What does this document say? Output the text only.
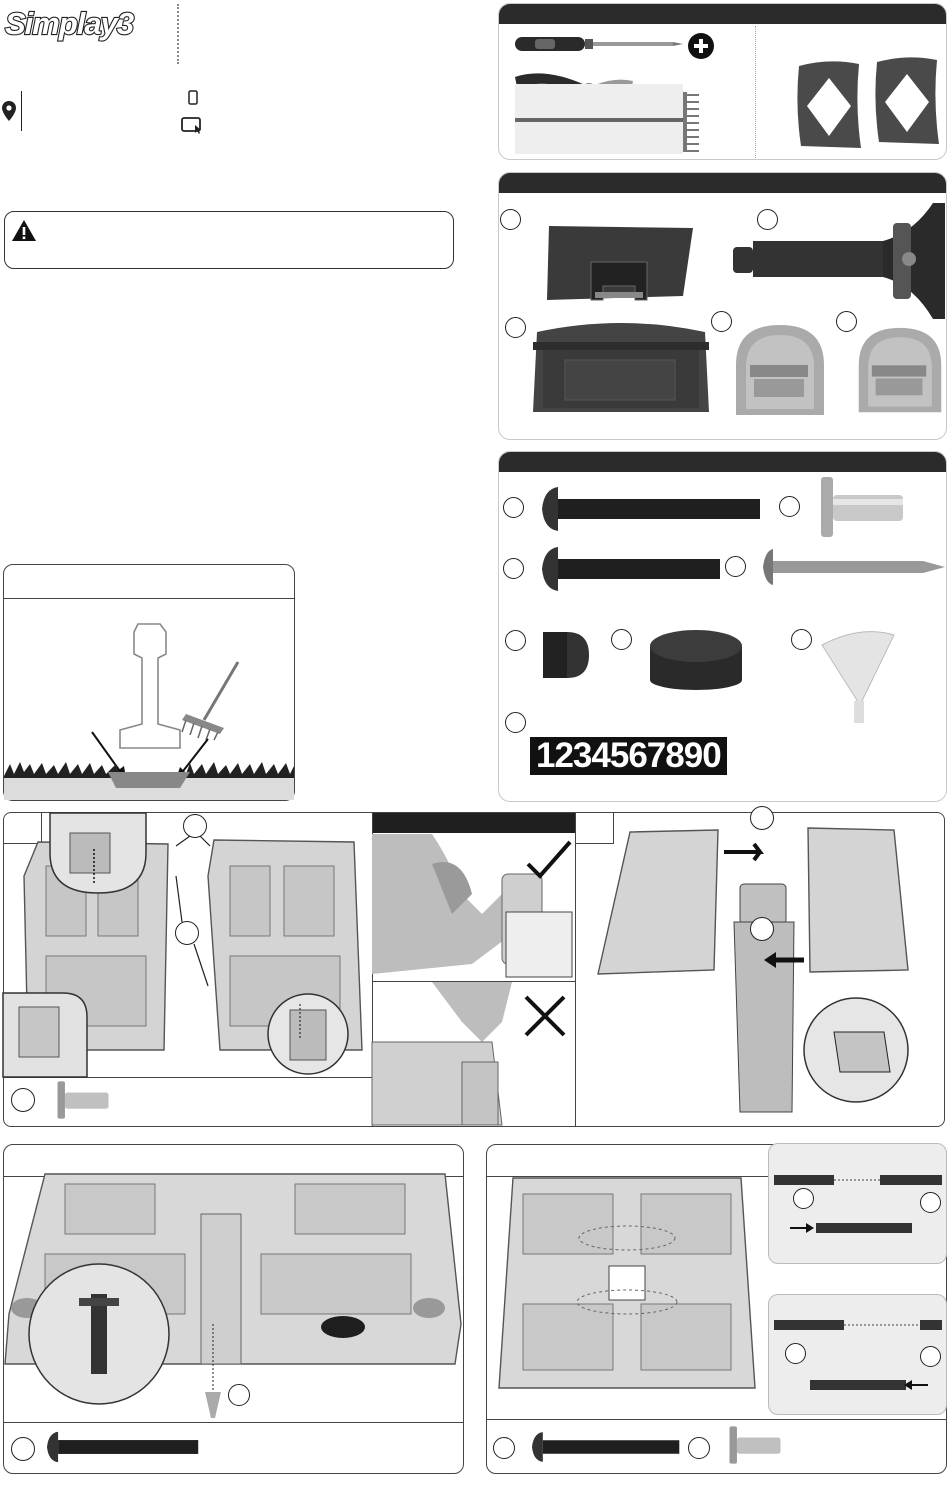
Simplay3
1234567890
